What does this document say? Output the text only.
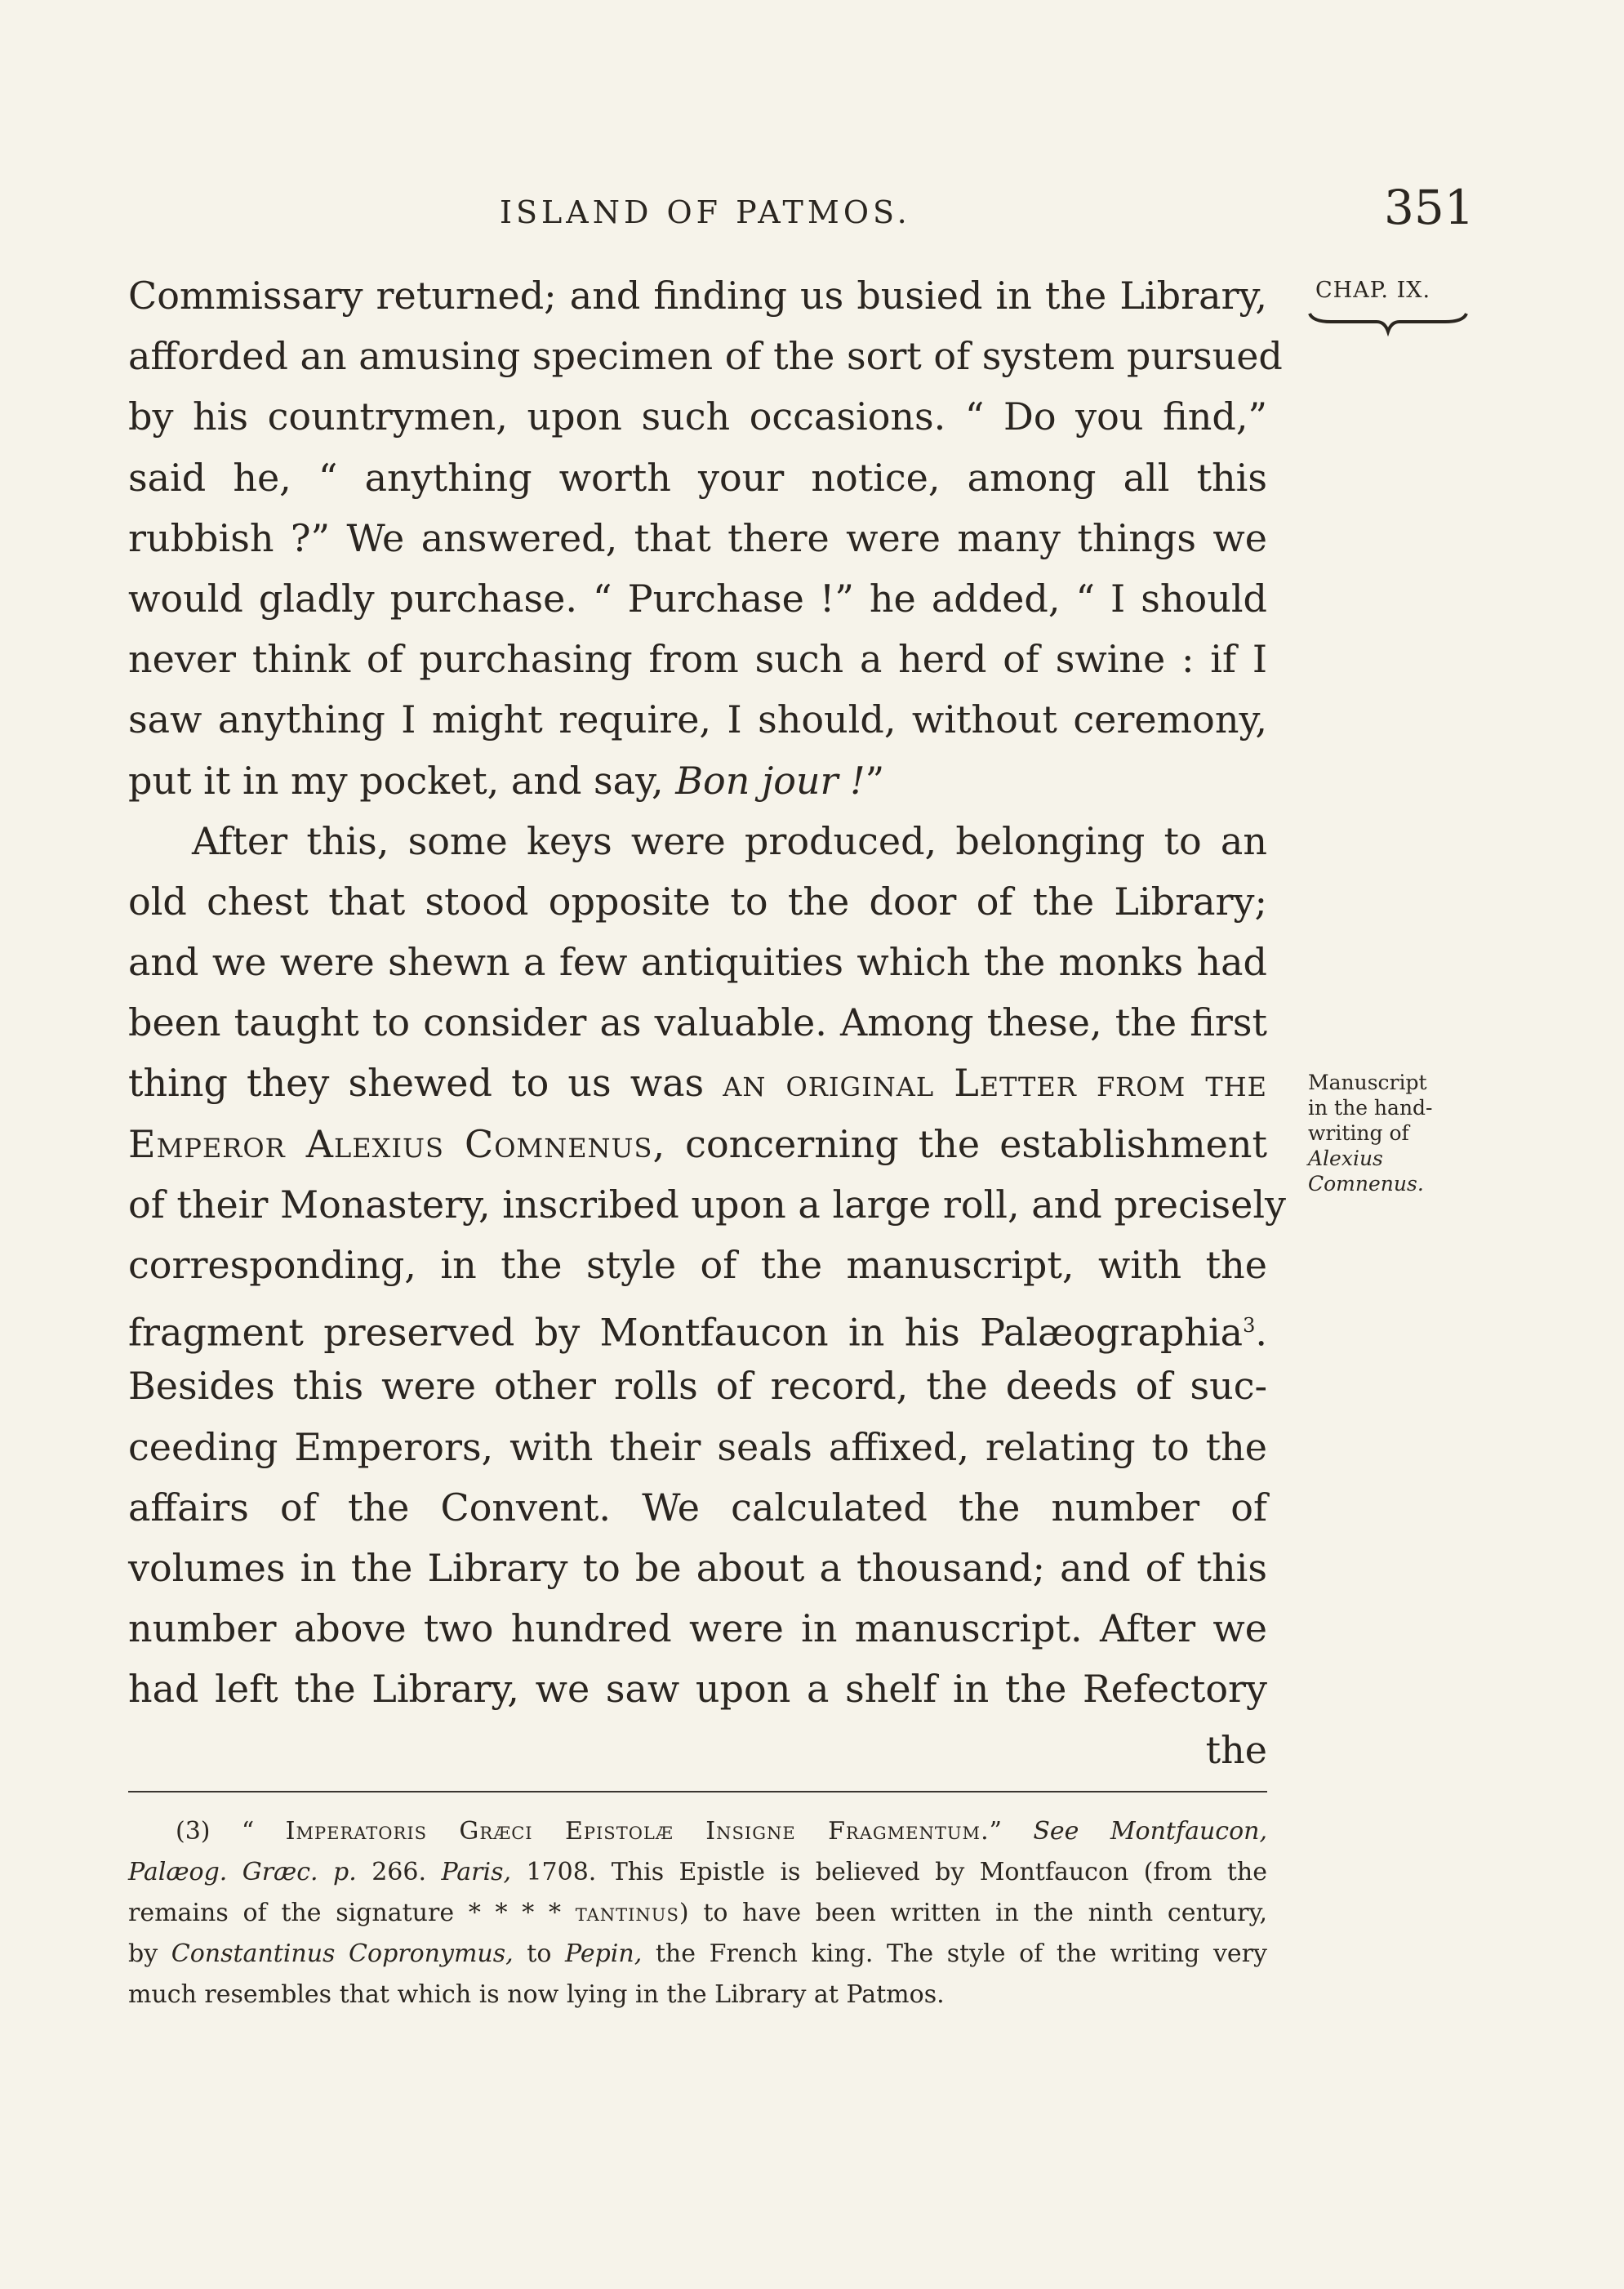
ISLAND OF PATMOS.	351
CHAP. IX.
Manuscript
in the hand-
writing of
Alexius
Comnenus.
Commissary returned; and finding us busied in the Library,
afforded an amusing specimen of the sort of system pursued
by his countrymen, upon such occasions. “ Do you find,”
said he, “ anything worth your notice, among all this
rubbish ?” We answered, that there were many things we
would gladly purchase. “ Purchase !” he added, “ I should
never think of purchasing from such a herd of swine : if I
saw anything I might require, I should, without ceremony,
put it in my pocket, and say, Bon jour !”
After this, some keys were produced, belonging to an
old chest that stood opposite to the door of the Library;
and we were shewn a few antiquities which the monks had
been taught to consider as valuable. Among these, the first
thing they shewed to us was an original Letter from the
Emperor Alexius Comnenus, concerning the establishment
of their Monastery, inscribed upon a large roll, and precisely
corresponding, in the style of the manuscript, with the
fragment preserved by Montfaucon in his Palæographia$^3$.
Besides this were other rolls of record, the deeds of suc-
ceeding Emperors, with their seals affixed, relating to the
affairs of the Convent. We calculated the number of
volumes in the Library to be about a thousand; and of this
number above two hundred were in manuscript. After we
had left the Library, we saw upon a shelf in the Refectory
the
(3) “ Imperatoris Græci Epistolæ Insigne Fragmentum.” See Montfaucon,
Palæog. Græc. p. 266. Paris, 1708. This Epistle is believed by Montfaucon (from the
remains of the signature * * * * tantinus) to have been written in the ninth century,
by Constantinus Copronymus, to Pepin, the French king. The style of the writing very
much resembles that which is now lying in the Library at Patmos.
